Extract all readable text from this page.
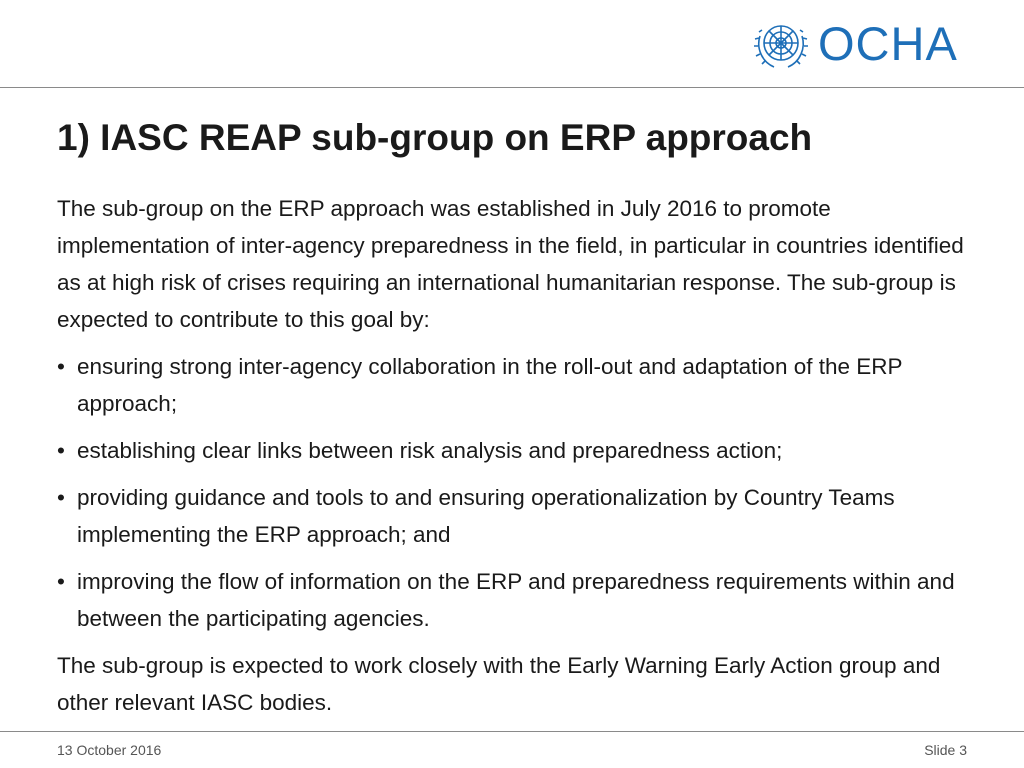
OCHA
1) IASC REAP sub-group on ERP approach

The sub-group on the ERP approach was established in July 2016 to promote implementation of inter-agency preparedness in the field, in particular in countries identified as at high risk of crises requiring an international humanitarian response. The sub-group is expected to contribute to this goal by:

• ensuring strong inter-agency collaboration in the roll-out and adaptation of the ERP approach;
• establishing clear links between risk analysis and preparedness action;
• providing guidance and tools to and ensuring operationalization by Country Teams implementing the ERP approach; and
• improving the flow of information on the ERP and preparedness requirements within and between the participating agencies.

The sub-group is expected to work closely with the Early Warning Early Action group and other relevant IASC bodies.

13 October 2016	Slide 3
